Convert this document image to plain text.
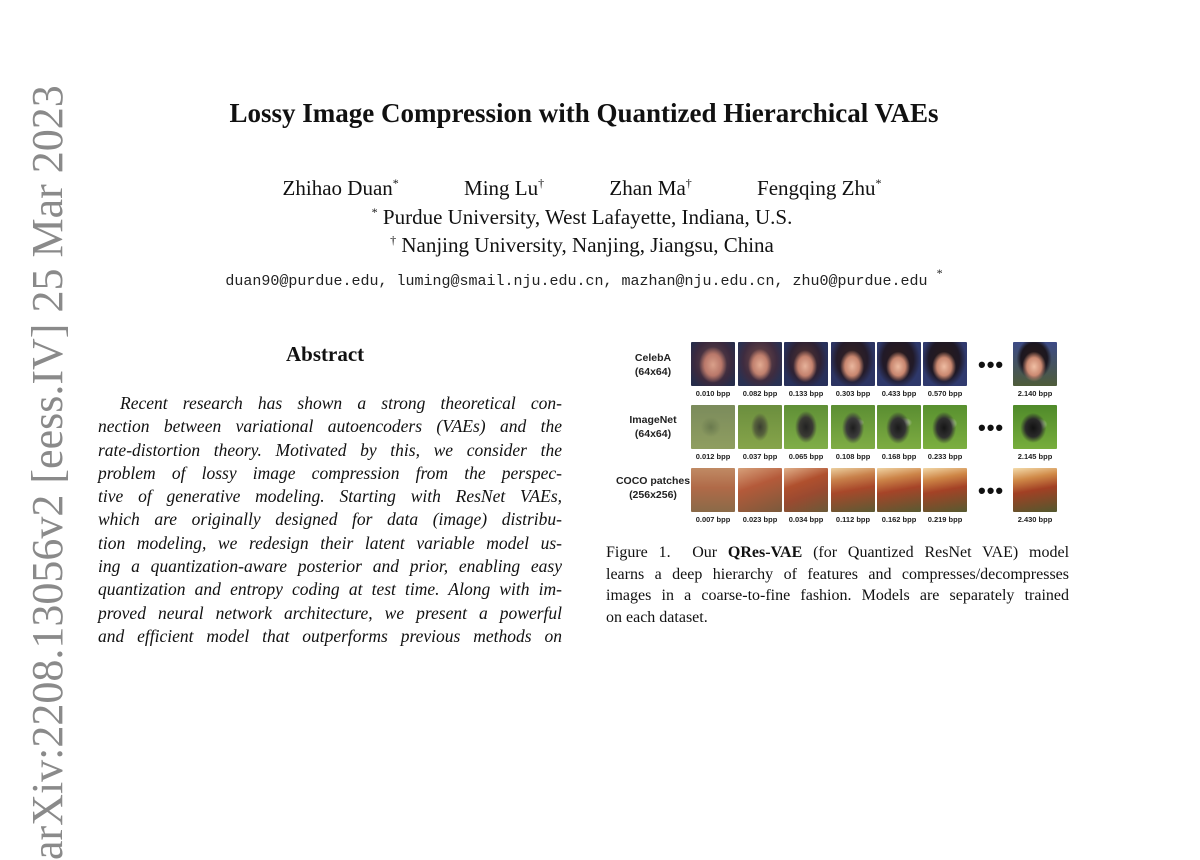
arXiv:2208.13056v2 [eess.IV] 25 Mar 2023	Lossy Image Compression with Quantized Hierarchical VAEs
Zhihao Duan*	Ming Lu†	Zhan Ma†	Fengqing Zhu*
* Purdue University, West Lafayette, Indiana, U.S.
† Nanjing University, Nanjing, Jiangsu, China
duan90@purdue.edu, luming@smail.nju.edu.cn, mazhan@nju.edu.cn, zhu0@purdue.edu *
Abstract
Recent research has shown a strong theoretical con-
nection between variational autoencoders (VAEs) and the
rate-distortion theory. Motivated by this, we consider the
problem of lossy image compression from the perspec-
tive of generative modeling. Starting with ResNet VAEs,
which are originally designed for data (image) distribu-
tion modeling, we redesign their latent variable model us-
ing a quantization-aware posterior and prior, enabling easy
quantization and entropy coding at test time. Along with im-
proved neural network architecture, we present a powerful
and efficient model that outperforms previous methods on
CelebA
(64x64)	•••
0.010 bpp	0.082 bpp	0.133 bpp	0.303 bpp	0.433 bpp	0.570 bpp	2.140 bpp
ImageNet
(64x64)	•••
0.012 bpp	0.037 bpp	0.065 bpp	0.108 bpp	0.168 bpp	0.233 bpp	2.145 bpp
COCO patches
(256x256)	•••
0.007 bpp	0.023 bpp	0.034 bpp	0.112 bpp	0.162 bpp	0.219 bpp	2.430 bpp
Figure 1.  Our QRes-VAE (for Quantized ResNet VAE) model
learns a deep hierarchy of features and compresses/decompresses
images in a coarse-to-fine fashion. Models are separately trained
on each dataset.
